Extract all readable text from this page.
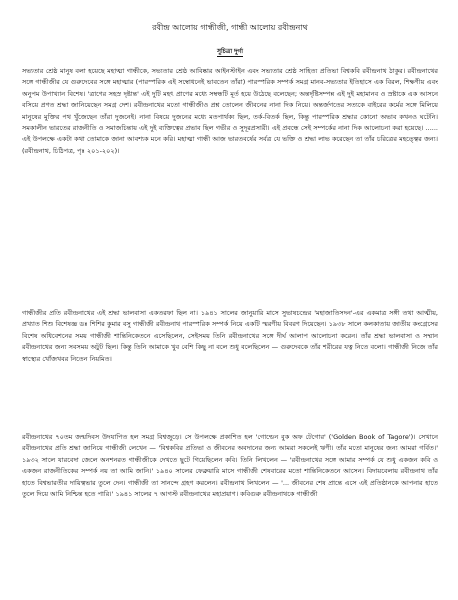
রবীন্দ্র আলোয় গান্ধীজী, গান্ধী আলোয় রবীন্দ্রনাথ
সুচিত্রা দুর্গা

সভ্যতার শ্রেষ্ঠ মানুষ বলা হয়েছে মহাত্মা গান্ধীকে, সভ্যতার শ্রেষ্ঠ আবিষ্কার আইনস্টাইন এবং সভ্যতার শ্রেষ্ঠ সাহিত্য প্রতিভা বিশ্বকবি রবীন্দ্রনাথ ঠাকুর। রবীন্দ্রনাথের সঙ্গে গান্ধীজীর যে গুরুদেবের সঙ্গে মহাত্মার (পারস্পরিক এই সম্বোধনেই ভাবতেন তাঁরা) পারস্পরিক সম্পর্ক সমগ্র মানব-সভ্যতার ইতিহাসে এক বিরল, শিক্ষণীয় এবং অনুপম উপাখ্যান বিশেষ। 'ত্রাণের সহস্র দৃষ্টান্ত' এই দুটি মহৎ প্রাণের মধ্যে সম্বন্ধটি মূর্ত হয়ে উঠেছে বলেছেন; অন্তর্দৃষ্টিসম্পন্ন এই দুই মহামানব ও স্রষ্টাকে এক আসনে বসিয়ে প্রণত শ্রদ্ধা জানিয়েছেন সমগ্র দেশ। রবীন্দ্রনাথের মতো গান্ধীজীও প্রশ্ন তোলেন জীবনের নানা দিক নিয়ে। অন্তর্জগতের সত্যকে বাইরের কর্মের সঙ্গে মিলিয়ে মানুষের মুক্তির পথ খুঁজেছেন তাঁরা দুজনেই। নানা বিষয়ে দুজনের মধ্যে মতপার্থক্য ছিল, তর্ক-বিতর্ক ছিল, কিন্তু পারস্পরিক শ্রদ্ধার কোনো অভাব কখনও ঘটেনি। সমকালীন ভারতের রাজনীতি ও সমাজচিন্তায় এই দুই ব্যক্তিত্বের প্রভাব ছিল গভীর ও সুদূরপ্রসারী। এই প্রবন্ধে সেই সম্পর্কের নানা দিক আলোচনা করা হয়েছে। ...... এই উপলক্ষে একটা কথা তোমাকে জানা আবশ্যক মনে করি। মহাত্মা গান্ধী আজ ভারতবর্ষের সর্বত্র যে ভক্তি ও শ্রদ্ধা লাভ করেছেন তা তাঁর চরিত্রের মহত্ত্বের জন্য। (রবীন্দ্রনাথ, চিঠিপত্র, পৃঃ ২০১-২০২)।

গান্ধীজীর প্রতি রবীন্দ্রনাথের এই শ্রদ্ধা ভালবাসা একতরফা ছিল না। ১৯৪১ সালের জানুয়ারি মাসে সুভাষচন্দ্রের 'মহাজাতিসদন'-এর একমাত্র সঙ্গী তথা আত্মীয়, প্রখ্যাত শিশু বিশেষজ্ঞ ডঃ শিশির কুমার বসু গান্ধীজী রবীন্দ্রনাথ পারস্পরিক সম্পর্ক নিয়ে একটি স্মরণীয় বিবরণ দিয়েছেন। ১৯৩৮ সালে কলকাতায় জাতীয় কংগ্রেসের বিশেষ অধিবেশনের সময় গান্ধীজী শান্তিনিকেতনে এসেছিলেন, সেইসময় তিনি রবীন্দ্রনাথের সঙ্গে দীর্ঘ আলাপ আলোচনা করেন। তাঁর শ্রদ্ধা ভালবাসা ও সম্মান রবীন্দ্রনাথের জন্য সবসময় অটুট ছিল। কিন্তু তিনি আমাকে খুব বেশি কিছু না বলে শুধু বলেছিলেন — গুরুদেবকে তাঁর শরীরের যত্ন নিতে বলো। গান্ধীজী নিজে তাঁর স্বাস্থ্যের খোঁজখবর নিতেন নিয়মিত।

রবীন্দ্রনাথের ৭০তম জন্মদিবস উদযাপিত হল সমগ্র বিশ্বজুড়ে। সে উপলক্ষে প্রকাশিত হল 'গোল্ডেন বুক অফ টেগোর' ('Golden Book of Tagore')। সেখানে রবীন্দ্রনাথের প্রতি শ্রদ্ধা জানিয়ে গান্ধীজী লেখেন — 'বিশ্বকবির প্রতিভা ও জীবনের অবদানের জন্য আমরা সকলেই ঋণী। তাঁর মতো মানুষের জন্য আমরা গর্বিত।' ১৯৩২ সালে যারবেদা জেলে অনশনরত গান্ধীজীকে দেখতে ছুটে গিয়েছিলেন কবি। তিনি লিখলেন — 'রবীন্দ্রনাথের সঙ্গে আমার সম্পর্ক যে শুধু একজন কবি ও একজন রাজনীতিকের সম্পর্ক নয় তা আমি জানি।' ১৯৪০ সালের ফেব্রুয়ারি মাসে গান্ধীজী শেষবারের মতো শান্তিনিকেতনে আসেন। বিদায়বেলায় রবীন্দ্রনাথ তাঁর হাতে বিশ্বভারতীর দায়িত্বভার তুলে দেন। গান্ধীজী তা সানন্দে গ্রহণ করলেন। রবীন্দ্রনাথ লিখলেন — '... জীবনের শেষ প্রান্তে এসে এই প্রতিষ্ঠানকে আপনার হাতে তুলে দিয়ে আমি নিশ্চিন্ত হতে পারি।' ১৯৪১ সালের ৭ আগস্ট রবীন্দ্রনাথের মহাপ্রয়াণ। কবিগুরু রবীন্দ্রনাথকে গান্ধীজী
